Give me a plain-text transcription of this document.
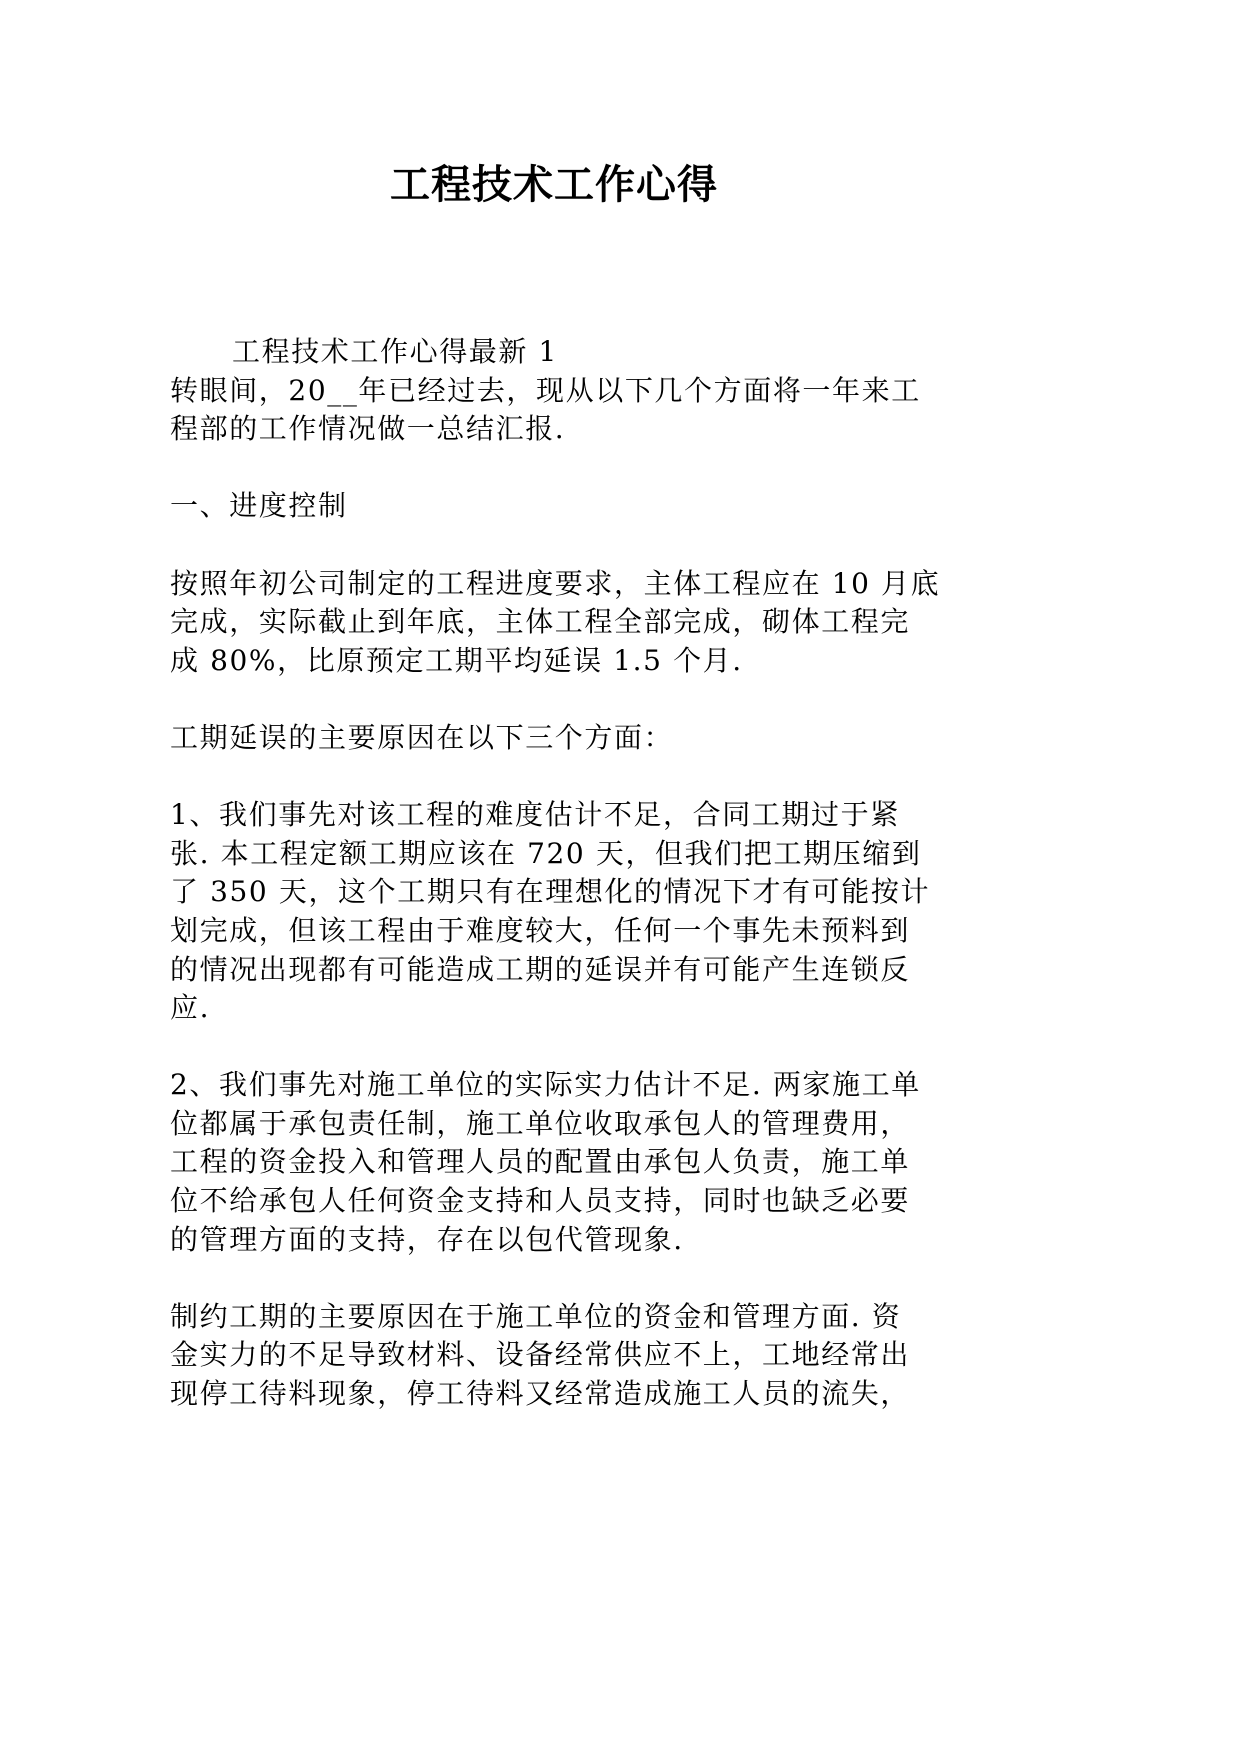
工程技术工作心得
工程技术工作心得最新 1
转眼间，20__年已经过去，现从以下几个方面将一年来工
程部的工作情况做一总结汇报.
一、进度控制
按照年初公司制定的工程进度要求，主体工程应在 10 月底
完成，实际截止到年底，主体工程全部完成，砌体工程完
成 80%，比原预定工期平均延误 1.5 个月.
工期延误的主要原因在以下三个方面：
1、我们事先对该工程的难度估计不足，合同工期过于紧
张. 本工程定额工期应该在 720 天，但我们把工期压缩到
了 350 天，这个工期只有在理想化的情况下才有可能按计
划完成，但该工程由于难度较大，任何一个事先未预料到
的情况出现都有可能造成工期的延误并有可能产生连锁反
应.
2、我们事先对施工单位的实际实力估计不足. 两家施工单
位都属于承包责任制，施工单位收取承包人的管理费用，
工程的资金投入和管理人员的配置由承包人负责，施工单
位不给承包人任何资金支持和人员支持，同时也缺乏必要
的管理方面的支持，存在以包代管现象.
制约工期的主要原因在于施工单位的资金和管理方面. 资
金实力的不足导致材料、设备经常供应不上，工地经常出
现停工待料现象，停工待料又经常造成施工人员的流失，
